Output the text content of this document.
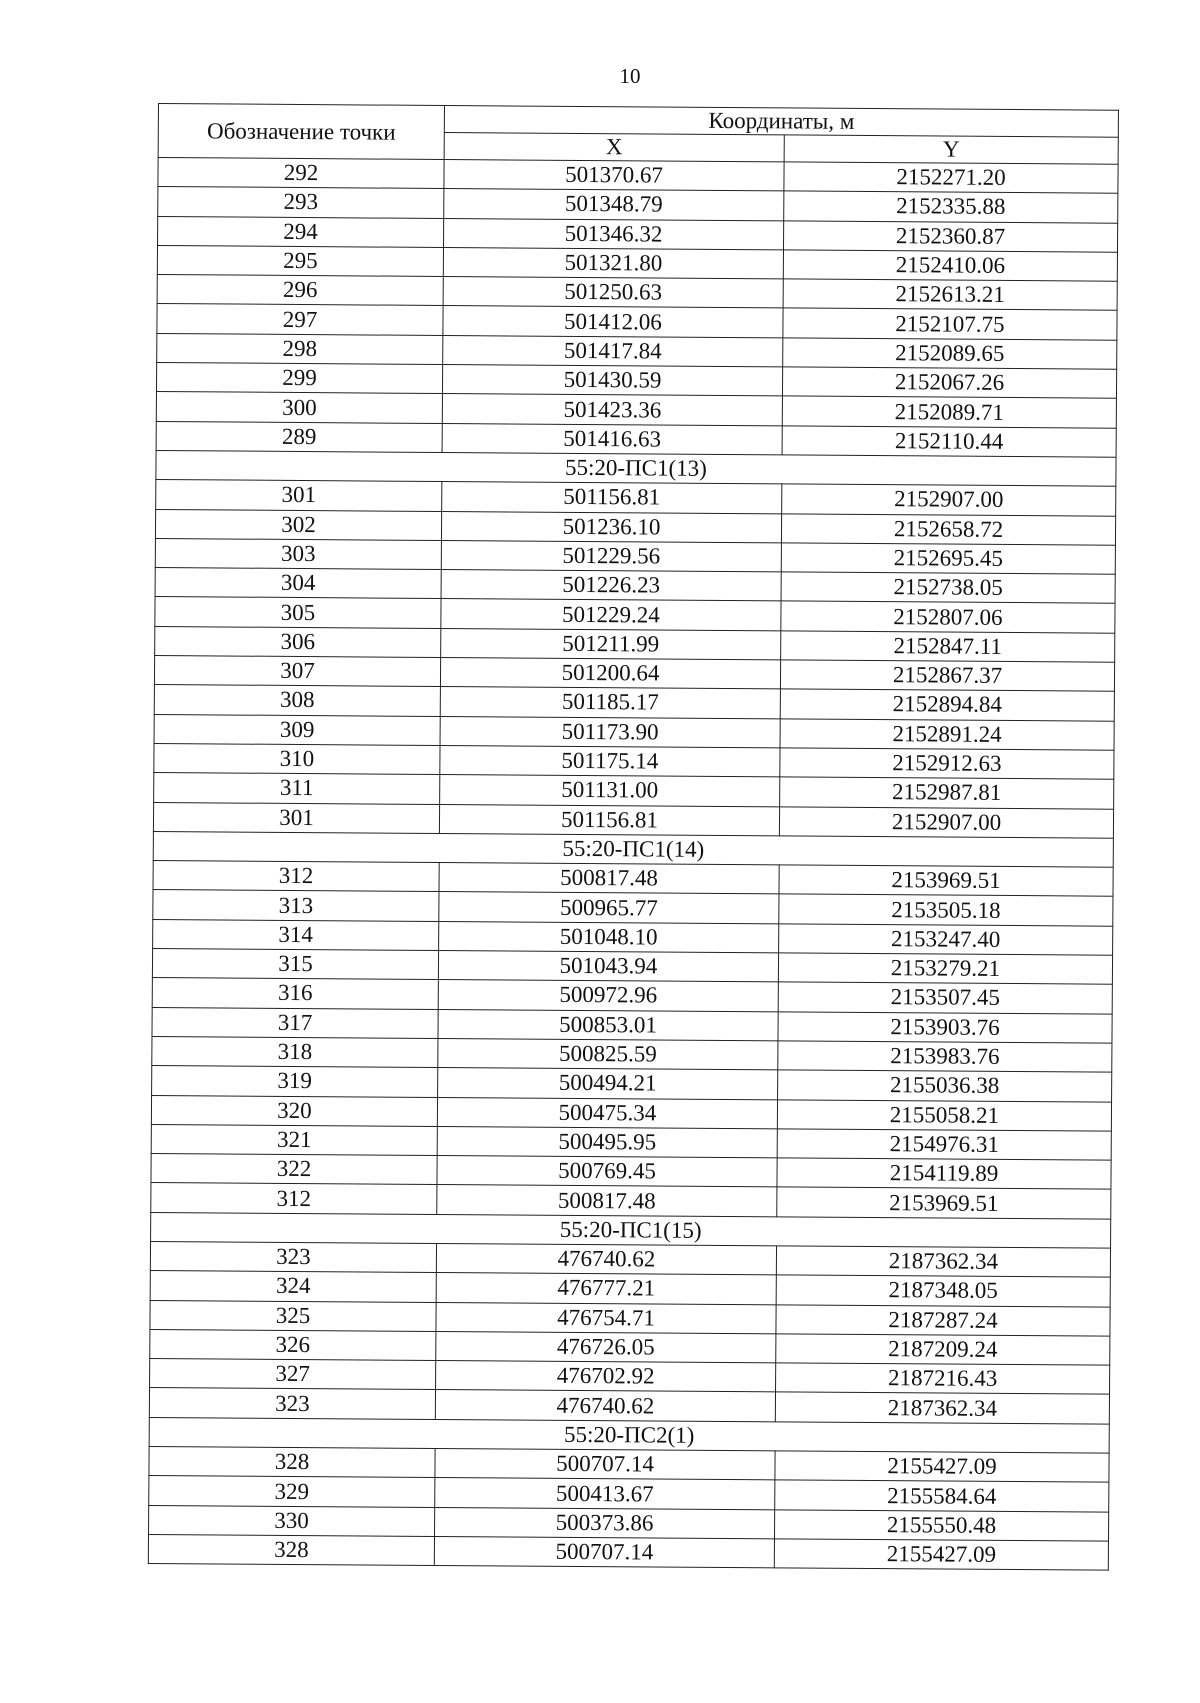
10
Обозначение точки	Координаты, м	
	X	Y
292	501370.67	2152271.20
293	501348.79	2152335.88
294	501346.32	2152360.87
295	501321.80	2152410.06
296	501250.63	2152613.21
297	501412.06	2152107.75
298	501417.84	2152089.65
299	501430.59	2152067.26
300	501423.36	2152089.71
289	501416.63	2152110.44
55:20-ПС1(13)		
301	501156.81	2152907.00
302	501236.10	2152658.72
303	501229.56	2152695.45
304	501226.23	2152738.05
305	501229.24	2152807.06
306	501211.99	2152847.11
307	501200.64	2152867.37
308	501185.17	2152894.84
309	501173.90	2152891.24
310	501175.14	2152912.63
311	501131.00	2152987.81
301	501156.81	2152907.00
55:20-ПС1(14)		
312	500817.48	2153969.51
313	500965.77	2153505.18
314	501048.10	2153247.40
315	501043.94	2153279.21
316	500972.96	2153507.45
317	500853.01	2153903.76
318	500825.59	2153983.76
319	500494.21	2155036.38
320	500475.34	2155058.21
321	500495.95	2154976.31
322	500769.45	2154119.89
312	500817.48	2153969.51
55:20-ПС1(15)		
323	476740.62	2187362.34
324	476777.21	2187348.05
325	476754.71	2187287.24
326	476726.05	2187209.24
327	476702.92	2187216.43
323	476740.62	2187362.34
55:20-ПС2(1)		
328	500707.14	2155427.09
329	500413.67	2155584.64
330	500373.86	2155550.48
328	500707.14	2155427.09
